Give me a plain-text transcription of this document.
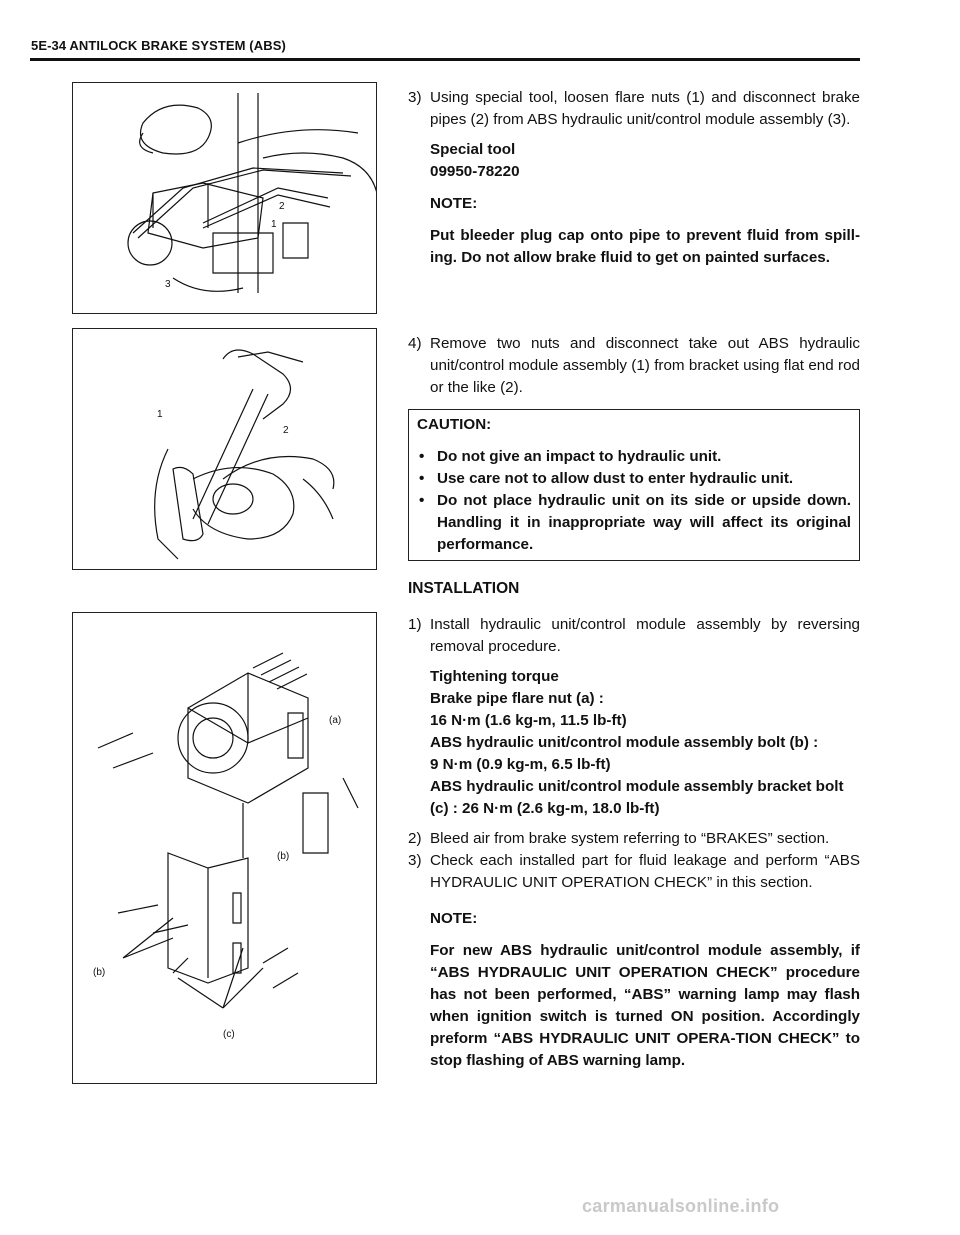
5E-34 ANTILOCK BRAKE SYSTEM (ABS)
1
2
3

3) Using special tool, loosen flare nuts (1) and disconnect brake pipes (2) from ABS hydraulic unit/control module assembly (3).

Special tool
09950-78220
NOTE:
Put bleeder plug cap onto pipe to prevent fluid from spill-ing. Do not allow brake fluid to get on painted surfaces.
1
2

4) Remove two nuts and disconnect take out ABS hydraulic unit/control module assembly (1) from bracket using flat end rod or the like (2).

CAUTION:
• Do not give an impact to hydraulic unit.
• Use care not to allow dust to enter hydraulic unit.
• Do not place hydraulic unit on its side or upside down. Handling it in inappropriate way will affect its original performance.
INSTALLATION
(a)
(b)
(b)
(c)

1) Install hydraulic unit/control module assembly by reversing removal procedure.

Tightening torque
Brake pipe flare nut (a) :
16 N·m (1.6 kg-m, 11.5 lb-ft)
ABS hydraulic unit/control module assembly bolt (b) :
9 N·m (0.9 kg-m, 6.5 lb-ft)
ABS hydraulic unit/control module assembly bracket bolt
(c) : 26 N·m (2.6 kg-m, 18.0 lb-ft)

2) Bleed air from brake system referring to “BRAKES” section.

3) Check each installed part for fluid leakage and perform “ABS HYDRAULIC UNIT OPERATION CHECK” in this section.

NOTE:
For new ABS hydraulic unit/control module assembly, if “ABS HYDRAULIC UNIT OPERATION CHECK” procedure has not been performed, “ABS” warning lamp may flash when ignition switch is turned ON position. Accordingly preform “ABS HYDRAULIC UNIT OPERA-TION CHECK” to stop flashing of ABS warning lamp.
carmanualsonline.info
